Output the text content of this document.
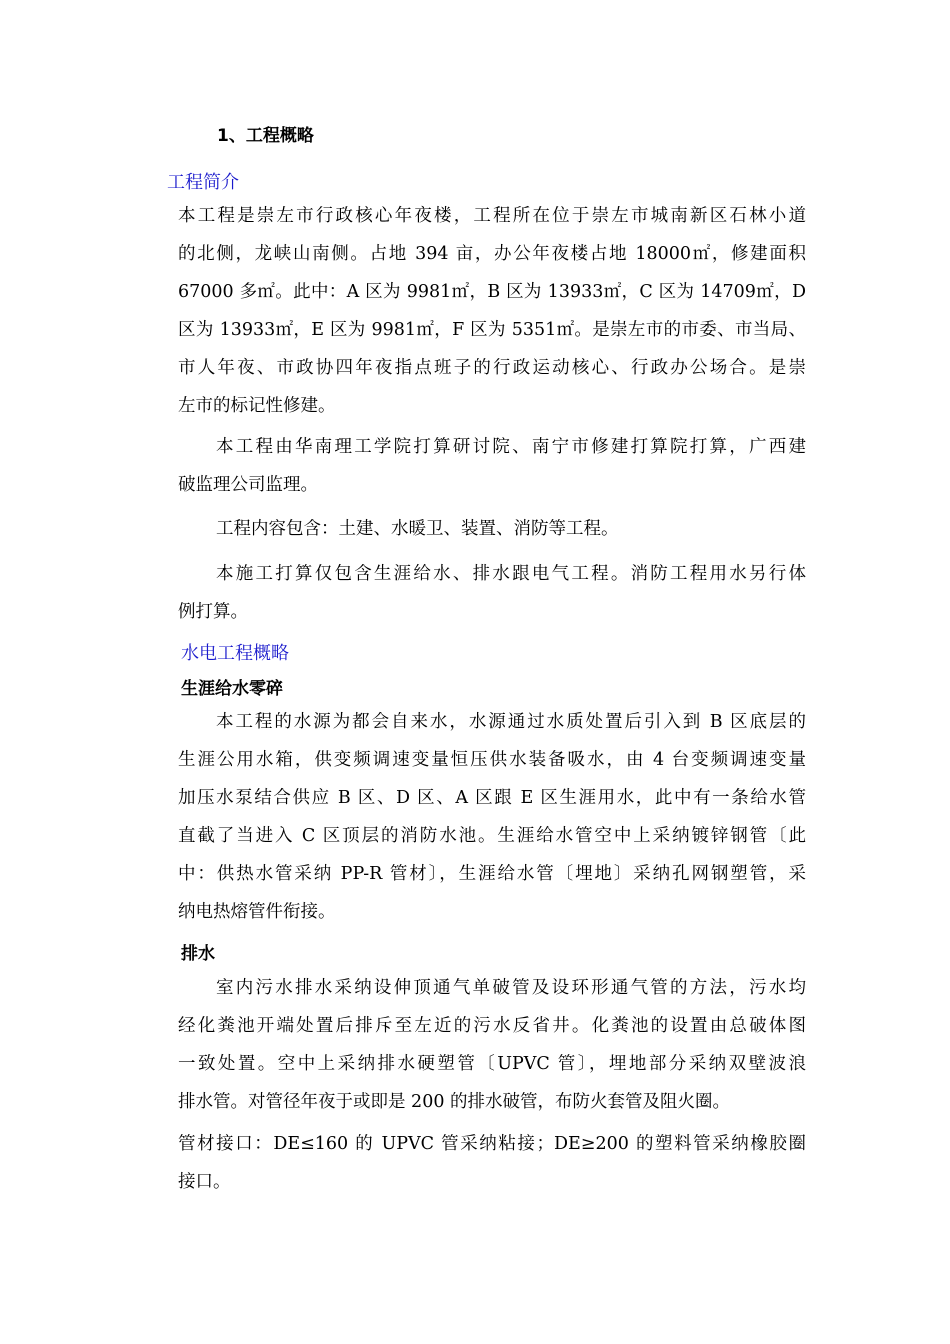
1、工程概略
工程简介
本工程是崇左市行政核心年夜楼，工程所在位于崇左市城南新区石林小道
的北侧，龙峡山南侧。占地 394 亩，办公年夜楼占地 18000㎡，修建面积
67000 多㎡。此中：A 区为 9981㎡，B 区为 13933㎡，C 区为 14709㎡，D
区为 13933㎡，E 区为 9981㎡，F 区为 5351㎡。是崇左市的市委、市当局、
市人年夜、市政协四年夜指点班子的行政运动核心、行政办公场合。是崇
左市的标记性修建。
本工程由华南理工学院打算研讨院、南宁市修建打算院打算，广西建
破监理公司监理。
工程内容包含：土建、水暖卫、装置、消防等工程。
本施工打算仅包含生涯给水、排水跟电气工程。消防工程用水另行体
例打算。
水电工程概略
生涯给水零碎
本工程的水源为都会自来水，水源通过水质处置后引入到 B 区底层的
生涯公用水箱，供变频调速变量恒压供水装备吸水，由 4 台变频调速变量
加压水泵结合供应 B 区、D 区、A 区跟 E 区生涯用水，此中有一条给水管
直截了当进入 C 区顶层的消防水池。生涯给水管空中上采纳镀锌钢管〔此
中：供热水管采纳 PP-R 管材〕，生涯给水管〔埋地〕采纳孔网钢塑管，采
纳电热熔管件衔接。
排水
室内污水排水采纳设伸顶通气单破管及设环形通气管的方法，污水均
经化粪池开端处置后排斥至左近的污水反省井。化粪池的设置由总破体图
一致处置。空中上采纳排水硬塑管〔UPVC 管〕，埋地部分采纳双壁波浪
排水管。对管径年夜于或即是 200 的排水破管，布防火套管及阻火圈。
管材接口：DE≤160 的 UPVC 管采纳粘接；DE≥200 的塑料管采纳橡胶圈
接口。
